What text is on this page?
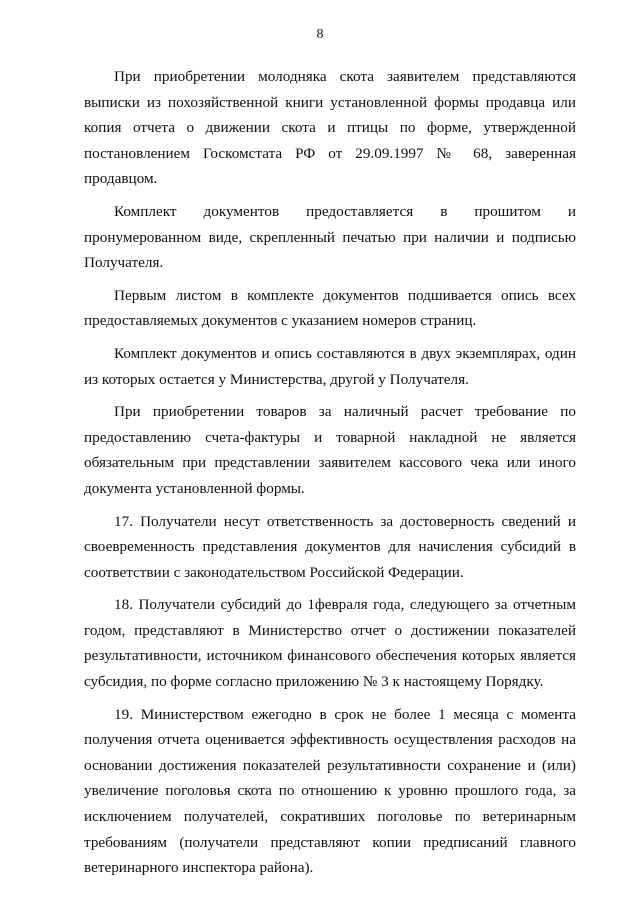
8

При приобретении молодняка скота заявителем представляются выписки из похозяйственной книги установленной формы продавца или копия отчета о движении скота и птицы по форме, утвержденной постановлением Госкомстата РФ от 29.09.1997 № 68, заверенная продавцом.

Комплект документов предоставляется в прошитом и пронумерованном виде, скрепленный печатью при наличии и подписью Получателя.

Первым листом в комплекте документов подшивается опись всех предоставляемых документов с указанием номеров страниц.

Комплект документов и опись составляются в двух экземплярах, один из которых остается у Министерства, другой у Получателя.

При приобретении товаров за наличный расчет требование по предоставлению счета-фактуры и товарной накладной не является обязательным при представлении заявителем кассового чека или иного документа установленной формы.

17. Получатели несут ответственность за достоверность сведений и своевременность представления документов для начисления субсидий в соответствии с законодательством Российской Федерации.

18. Получатели субсидий до 1февраля года, следующего за отчетным годом, представляют в Министерство отчет о достижении показателей результативности, источником финансового обеспечения которых является субсидия, по форме согласно приложению № 3 к настоящему Порядку.

19. Министерством ежегодно в срок не более 1 месяца с момента получения отчета оценивается эффективность осуществления расходов на основании достижения показателей результативности сохранение и (или) увеличение поголовья скота по отношению к уровню прошлого года, за исключением получателей, сокративших поголовье по ветеринарным требованиям (получатели представляют копии предписаний главного ветеринарного инспектора района).
